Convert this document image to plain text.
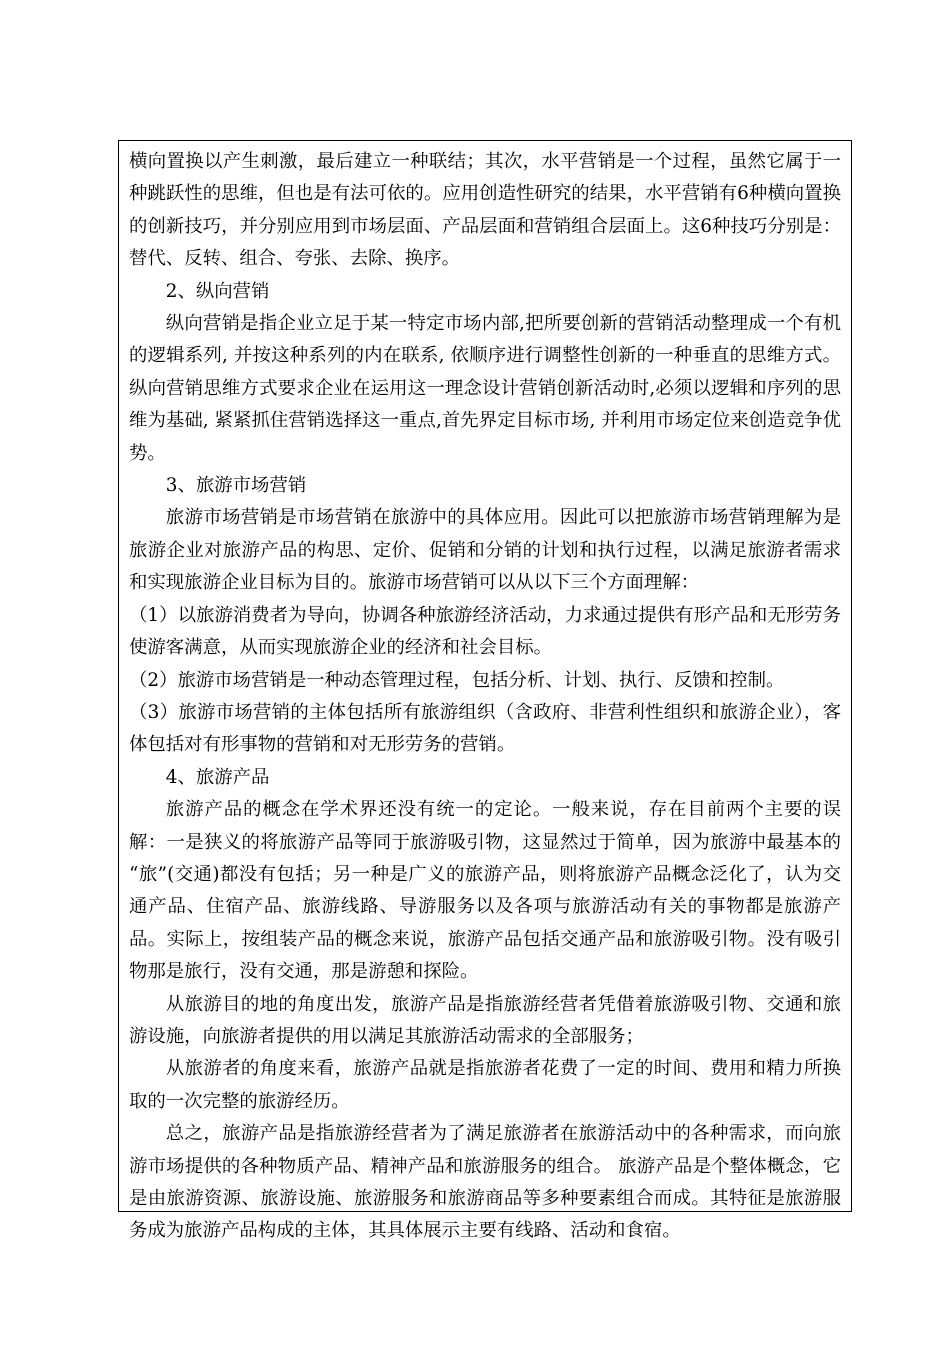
横向置换以产生刺激，最后建立一种联结；其次，水平营销是一个过程，虽然它属于一种跳跃性的思维，但也是有法可依的。应用创造性研究的结果，水平营销有6种横向置换的创新技巧，并分别应用到市场层面、产品层面和营销组合层面上。这6种技巧分别是：替代、反转、组合、夸张、去除、换序。

2、纵向营销

纵向营销是指企业立足于某一特定市场内部,把所要创新的营销活动整理成一个有机的逻辑系列, 并按这种系列的内在联系, 依顺序进行调整性创新的一种垂直的思维方式。纵向营销思维方式要求企业在运用这一理念设计营销创新活动时,必须以逻辑和序列的思维为基础, 紧紧抓住营销选择这一重点,首先界定目标市场, 并利用市场定位来创造竞争优势。

3、旅游市场营销

旅游市场营销是市场营销在旅游中的具体应用。因此可以把旅游市场营销理解为是旅游企业对旅游产品的构思、定价、促销和分销的计划和执行过程，以满足旅游者需求和实现旅游企业目标为目的。旅游市场营销可以从以下三个方面理解：

（1）以旅游消费者为导向，协调各种旅游经济活动，力求通过提供有形产品和无形劳务使游客满意，从而实现旅游企业的经济和社会目标。

（2）旅游市场营销是一种动态管理过程，包括分析、计划、执行、反馈和控制。

（3）旅游市场营销的主体包括所有旅游组织（含政府、非营利性组织和旅游企业），客体包括对有形事物的营销和对无形劳务的营销。

4、旅游产品

旅游产品的概念在学术界还没有统一的定论。一般来说，存在目前两个主要的误解：一是狭义的将旅游产品等同于旅游吸引物，这显然过于简单，因为旅游中最基本的 “旅”(交通)都没有包括；另一种是广义的旅游产品，则将旅游产品概念泛化了，认为交通产品、住宿产品、旅游线路、导游服务以及各项与旅游活动有关的事物都是旅游产品。实际上，按组装产品的概念来说，旅游产品包括交通产品和旅游吸引物。没有吸引物那是旅行，没有交通，那是游憩和探险。

从旅游目的地的角度出发，旅游产品是指旅游经营者凭借着旅游吸引物、交通和旅游设施，向旅游者提供的用以满足其旅游活动需求的全部服务；

从旅游者的角度来看，旅游产品就是指旅游者花费了一定的时间、费用和精力所换取的一次完整的旅游经历。

总之，旅游产品是指旅游经营者为了满足旅游者在旅游活动中的各种需求，而向旅游市场提供的各种物质产品、精神产品和旅游服务的组合。 旅游产品是个整体概念，它是由旅游资源、旅游设施、旅游服务和旅游商品等多种要素组合而成。其特征是旅游服务成为旅游产品构成的主体，其具体展示主要有线路、活动和食宿。
